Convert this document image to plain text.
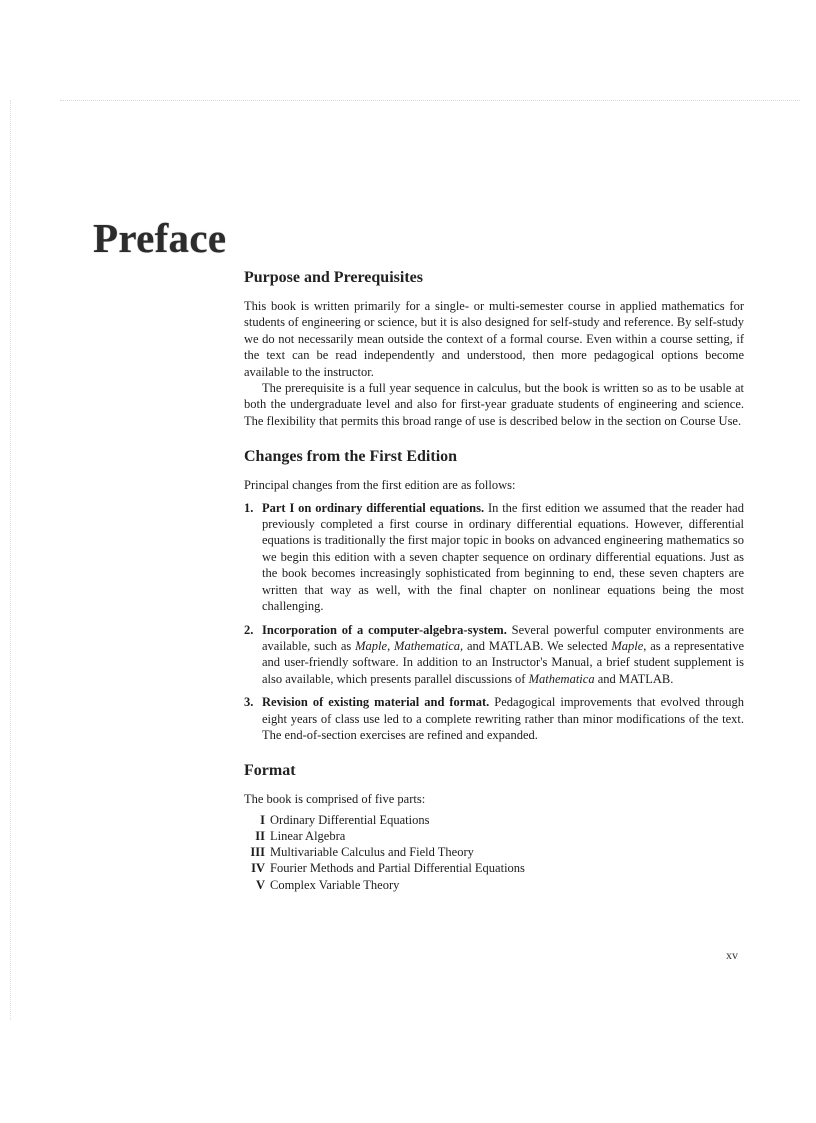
Preface
Purpose and Prerequisites

This book is written primarily for a single- or multi-semester course in applied mathematics for students of engineering or science, but it is also designed for self-study and reference. By self-study we do not necessarily mean outside the context of a formal course. Even within a course setting, if the text can be read independently and understood, then more pedagogical options become available to the instructor.

The prerequisite is a full year sequence in calculus, but the book is written so as to be usable at both the undergraduate level and also for first-year graduate students of engineering and science. The flexibility that permits this broad range of use is described below in the section on Course Use.

Changes from the First Edition

Principal changes from the first edition are as follows:

1. Part I on ordinary differential equations. In the first edition we assumed that the reader had previously completed a first course in ordinary differential equations. However, differential equations is traditionally the first major topic in books on advanced engineering mathematics so we begin this edition with a seven chapter sequence on ordinary differential equations. Just as the book becomes increasingly sophisticated from beginning to end, these seven chapters are written that way as well, with the final chapter on nonlinear equations being the most challenging.
2. Incorporation of a computer-algebra-system. Several powerful computer environments are available, such as Maple, Mathematica, and MATLAB. We selected Maple, as a representative and user-friendly software. In addition to an Instructor's Manual, a brief student supplement is also available, which presents parallel discussions of Mathematica and MATLAB.
3. Revision of existing material and format. Pedagogical improvements that evolved through eight years of class use led to a complete rewriting rather than minor modifications of the text. The end-of-section exercises are refined and expanded.
Format

The book is comprised of five parts:

I Ordinary Differential Equations
II Linear Algebra
III Multivariable Calculus and Field Theory
IV Fourier Methods and Partial Differential Equations
V Complex Variable Theory
xv
